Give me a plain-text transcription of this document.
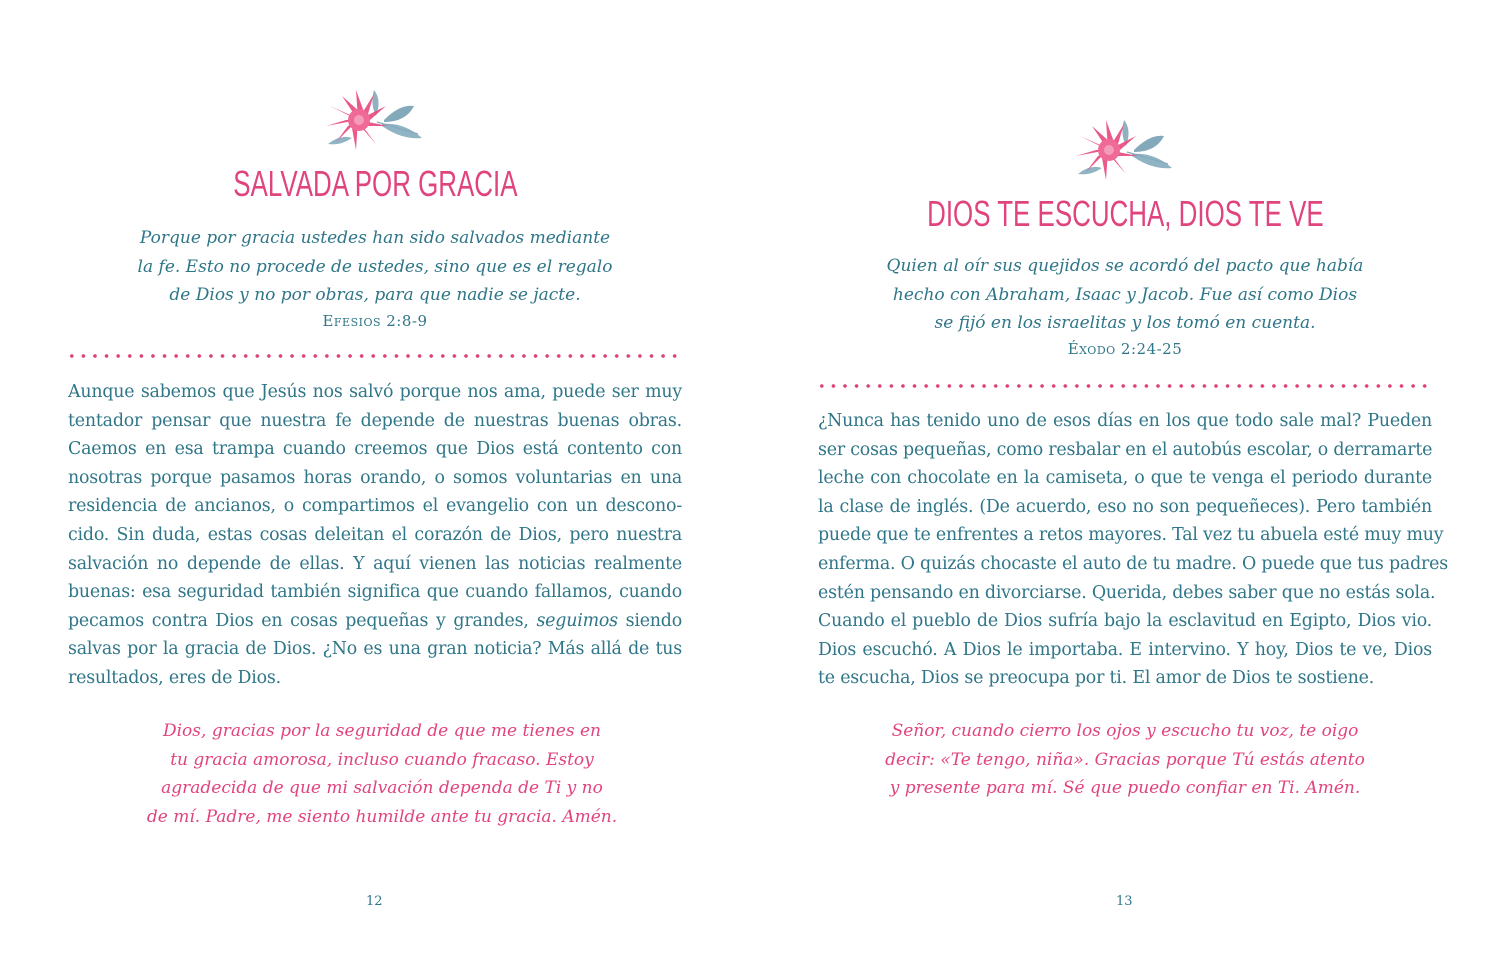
SALVADA POR GRACIA
Porque por gracia ustedes han sido salvados mediante
la fe. Esto no procede de ustedes, sino que es el regalo
de Dios y no por obras, para que nadie se jacte.
Efesios 2:8-9
Aunque sabemos que Jesús nos salvó porque nos ama, puede ser muy
tentador pensar que nuestra fe depende de nuestras buenas obras.
Caemos en esa trampa cuando creemos que Dios está contento con
nosotras porque pasamos horas orando, o somos voluntarias en una
residencia de ancianos, o compartimos el evangelio con un descono-
cido. Sin duda, estas cosas deleitan el corazón de Dios, pero nuestra
salvación no depende de ellas. Y aquí vienen las noticias realmente
buenas: esa seguridad también significa que cuando fallamos, cuando
pecamos contra Dios en cosas pequeñas y grandes, seguimos siendo
salvas por la gracia de Dios. ¿No es una gran noticia? Más allá de tus
resultados, eres de Dios.
Dios, gracias por la seguridad de que me tienes en
tu gracia amorosa, incluso cuando fracaso. Estoy
agradecida de que mi salvación dependa de Ti y no
de mí. Padre, me siento humilde ante tu gracia. Amén.
12
DIOS TE ESCUCHA, DIOS TE VE
Quien al oír sus quejidos se acordó del pacto que había
hecho con Abraham, Isaac y Jacob. Fue así como Dios
se fijó en los israelitas y los tomó en cuenta.
Éxodo 2:24-25
¿Nunca has tenido uno de esos días en los que todo sale mal? Pueden
ser cosas pequeñas, como resbalar en el autobús escolar, o derramarte
leche con chocolate en la camiseta, o que te venga el periodo durante
la clase de inglés. (De acuerdo, eso no son pequeñeces). Pero también
puede que te enfrentes a retos mayores. Tal vez tu abuela esté muy muy
enferma. O quizás chocaste el auto de tu madre. O puede que tus padres
estén pensando en divorciarse. Querida, debes saber que no estás sola.
Cuando el pueblo de Dios sufría bajo la esclavitud en Egipto, Dios vio.
Dios escuchó. A Dios le importaba. E intervino. Y hoy, Dios te ve, Dios
te escucha, Dios se preocupa por ti. El amor de Dios te sostiene.
Señor, cuando cierro los ojos y escucho tu voz, te oigo
decir: «Te tengo, niña». Gracias porque Tú estás atento
y presente para mí. Sé que puedo confiar en Ti. Amén.
13
